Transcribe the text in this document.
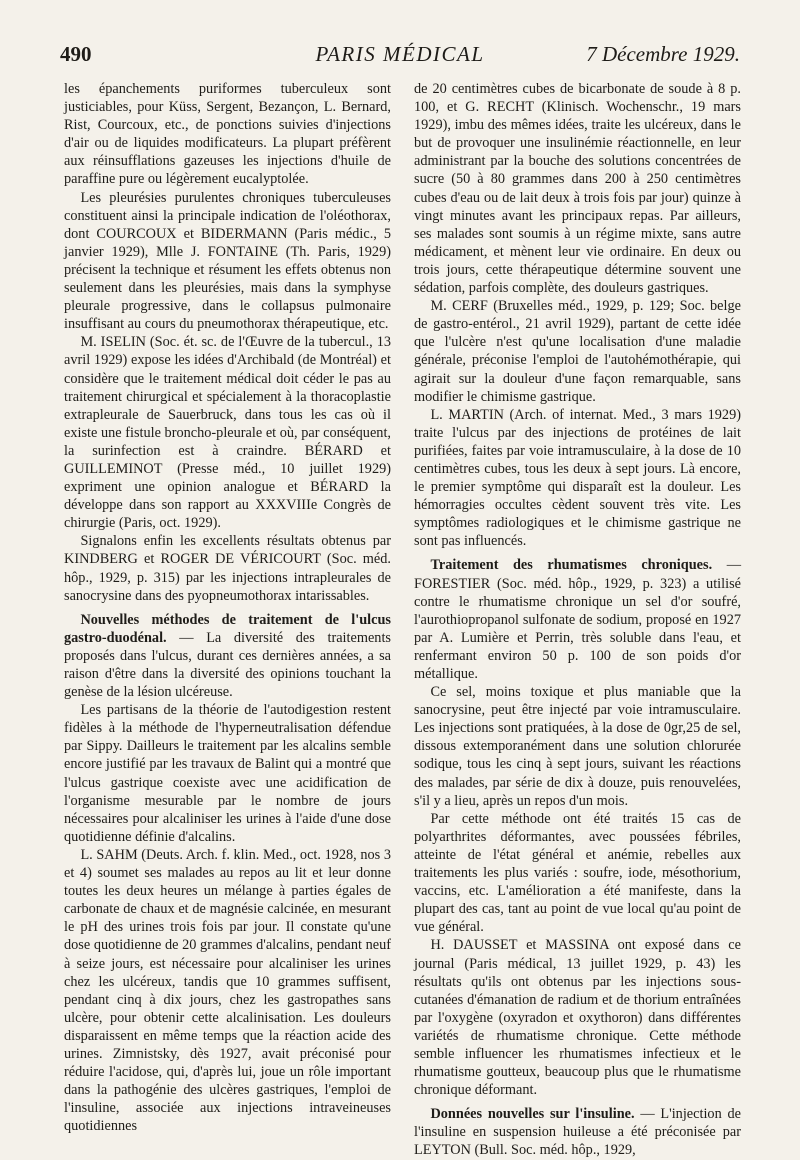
490	PARIS MÉDICAL	7 Décembre 1929.

les épanchements puriformes tuberculeux sont justiciables, pour Küss, Sergent, Bezançon, L. Bernard, Rist, Courcoux, etc., de ponctions suivies d'injections d'air ou de liquides modificateurs. La plupart préfèrent aux réinsufflations gazeuses les injections d'huile de paraffine pure ou légèrement eucalyptolée.

Les pleurésies purulentes chroniques tuberculeuses constituent ainsi la principale indication de l'oléothorax, dont COURCOUX et BIDERMANN (Paris médic., 5 janvier 1929), Mlle J. FONTAINE (Th. Paris, 1929) précisent la technique et résument les effets obtenus non seulement dans les pleurésies, mais dans la symphyse pleurale progressive, dans le collapsus pulmonaire insuffisant au cours du pneumothorax thérapeutique, etc.

M. ISELIN (Soc. ét. sc. de l'Œuvre de la tubercul., 13 avril 1929) expose les idées d'Archibald (de Montréal) et considère que le traitement médical doit céder le pas au traitement chirurgical et spécialement à la thoracoplastie extrapleurale de Sauerbruck, dans tous les cas où il existe une fistule broncho-pleurale et où, par conséquent, la surinfection est à craindre. BÉRARD et GUILLEMINOT (Presse méd., 10 juillet 1929) expriment une opinion analogue et BÉRARD la développe dans son rapport au XXXVIIIe Congrès de chirurgie (Paris, oct. 1929).

Signalons enfin les excellents résultats obtenus par KINDBERG et ROGER DE VÉRICOURT (Soc. méd. hôp., 1929, p. 315) par les injections intrapleurales de sanocrysine dans des pyopneumothorax intarissables.

Nouvelles méthodes de traitement de l'ulcus gastro-duodénal. — La diversité des traitements proposés dans l'ulcus, durant ces dernières années, a sa raison d'être dans la diversité des opinions touchant la genèse de la lésion ulcéreuse.

Les partisans de la théorie de l'autodigestion restent fidèles à la méthode de l'hyperneutralisation défendue par Sippy. Dailleurs le traitement par les alcalins semble encore justifié par les travaux de Balint qui a montré que l'ulcus gastrique coexiste avec une acidification de l'organisme mesurable par le nombre de jours nécessaires pour alcaliniser les urines à l'aide d'une dose quotidienne définie d'alcalins.

L. SAHM (Deuts. Arch. f. klin. Med., oct. 1928, nos 3 et 4) soumet ses malades au repos au lit et leur donne toutes les deux heures un mélange à parties égales de carbonate de chaux et de magnésie calcinée, en mesurant le pH des urines trois fois par jour. Il constate qu'une dose quotidienne de 20 grammes d'alcalins, pendant neuf à seize jours, est nécessaire pour alcaliniser les urines chez les ulcéreux, tandis que 10 grammes suffisent, pendant cinq à dix jours, chez les gastropathes sans ulcère, pour obtenir cette alcalinisation. Les douleurs disparaissent en même temps que la réaction acide des urines. Zimnistsky, dès 1927, avait préconisé pour réduire l'acidose, qui, d'après lui, joue un rôle important dans la pathogénie des ulcères gastriques, l'emploi de l'insuline, associée aux injections intraveineuses quotidiennes

de 20 centimètres cubes de bicarbonate de soude à 8 p. 100, et G. RECHT (Klinisch. Wochenschr., 19 mars 1929), imbu des mêmes idées, traite les ulcéreux, dans le but de provoquer une insulinémie réactionnelle, en leur administrant par la bouche des solutions concentrées de sucre (50 à 80 grammes dans 200 à 250 centimètres cubes d'eau ou de lait deux à trois fois par jour) quinze à vingt minutes avant les principaux repas. Par ailleurs, ses malades sont soumis à un régime mixte, sans autre médicament, et mènent leur vie ordinaire. En deux ou trois jours, cette thérapeutique détermine souvent une sédation, parfois complète, des douleurs gastriques.

M. CERF (Bruxelles méd., 1929, p. 129; Soc. belge de gastro-entérol., 21 avril 1929), partant de cette idée que l'ulcère n'est qu'une localisation d'une maladie générale, préconise l'emploi de l'autohémothérapie, qui agirait sur la douleur d'une façon remarquable, sans modifier le chimisme gastrique.

L. MARTIN (Arch. of internat. Med., 3 mars 1929) traite l'ulcus par des injections de protéines de lait purifiées, faites par voie intramusculaire, à la dose de 10 centimètres cubes, tous les deux à sept jours. Là encore, le premier symptôme qui disparaît est la douleur. Les hémorragies occultes cèdent souvent très vite. Les symptômes radiologiques et le chimisme gastrique ne sont pas influencés.

Traitement des rhumatismes chroniques. — FORESTIER (Soc. méd. hôp., 1929, p. 323) a utilisé contre le rhumatisme chronique un sel d'or soufré, l'aurothiopropanol sulfonate de sodium, proposé en 1927 par A. Lumière et Perrin, très soluble dans l'eau, et renfermant environ 50 p. 100 de son poids d'or métallique.

Ce sel, moins toxique et plus maniable que la sanocrysine, peut être injecté par voie intramusculaire. Les injections sont pratiquées, à la dose de 0gr,25 de sel, dissous extemporanément dans une solution chlorurée sodique, tous les cinq à sept jours, suivant les réactions des malades, par série de dix à douze, puis renouvelées, s'il y a lieu, après un repos d'un mois.

Par cette méthode ont été traités 15 cas de polyarthrites déformantes, avec poussées fébriles, atteinte de l'état général et anémie, rebelles aux traitements les plus variés : soufre, iode, mésothorium, vaccins, etc. L'amélioration a été manifeste, dans la plupart des cas, tant au point de vue local qu'au point de vue général.

H. DAUSSET et MASSINA ont exposé dans ce journal (Paris médical, 13 juillet 1929, p. 43) les résultats qu'ils ont obtenus par les injections sous-cutanées d'émanation de radium et de thorium entraînées par l'oxygène (oxyradon et oxythoron) dans différentes variétés de rhumatisme chronique. Cette méthode semble influencer les rhumatismes infectieux et le rhumatisme goutteux, beaucoup plus que le rhumatisme chronique déformant.

Données nouvelles sur l'insuline. — L'injection de l'insuline en suspension huileuse a été préconisée par LEYTON (Bull. Soc. méd. hôp., 1929,
